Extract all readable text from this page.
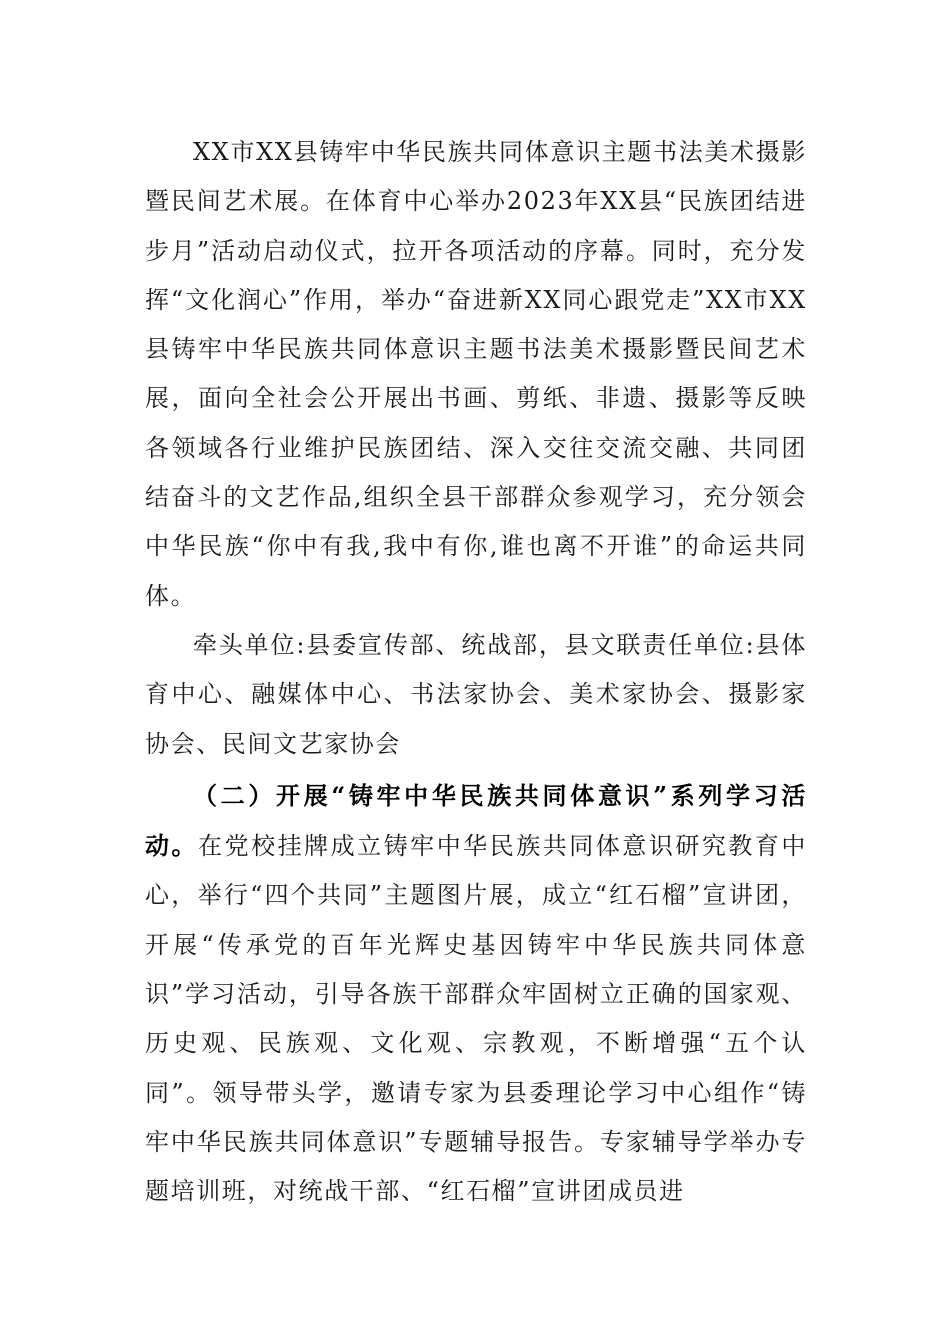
XX市XX县铸牢中华民族共同体意识主题书法美术摄影暨民间艺术展。在体育中心举办2023年XX县“民族团结进步月”活动启动仪式，拉开各项活动的序幕。同时，充分发挥“文化润心”作用，举办“奋进新XX同心跟党走”XX市XX县铸牢中华民族共同体意识主题书法美术摄影暨民间艺术展，面向全社会公开展出书画、剪纸、非遗、摄影等反映各领域各行业维护民族团结、深入交往交流交融、共同团结奋斗的文艺作品,组织全县干部群众参观学习，充分领会中华民族“你中有我,我中有你,谁也离不开谁”的命运共同体。

牵头单位:县委宣传部、统战部，县文联责任单位:县体育中心、融媒体中心、书法家协会、美术家协会、摄影家协会、民间文艺家协会

（二）开展“铸牢中华民族共同体意识”系列学习活动。在党校挂牌成立铸牢中华民族共同体意识研究教育中心，举行“四个共同”主题图片展，成立“红石榴”宣讲团，开展“传承党的百年光辉史基因铸牢中华民族共同体意识”学习活动，引导各族干部群众牢固树立正确的国家观、历史观、民族观、文化观、宗教观，不断增强“五个认同”。领导带头学，邀请专家为县委理论学习中心组作“铸牢中华民族共同体意识”专题辅导报告。专家辅导学举办专题培训班，对统战干部、“红石榴”宣讲团成员进
